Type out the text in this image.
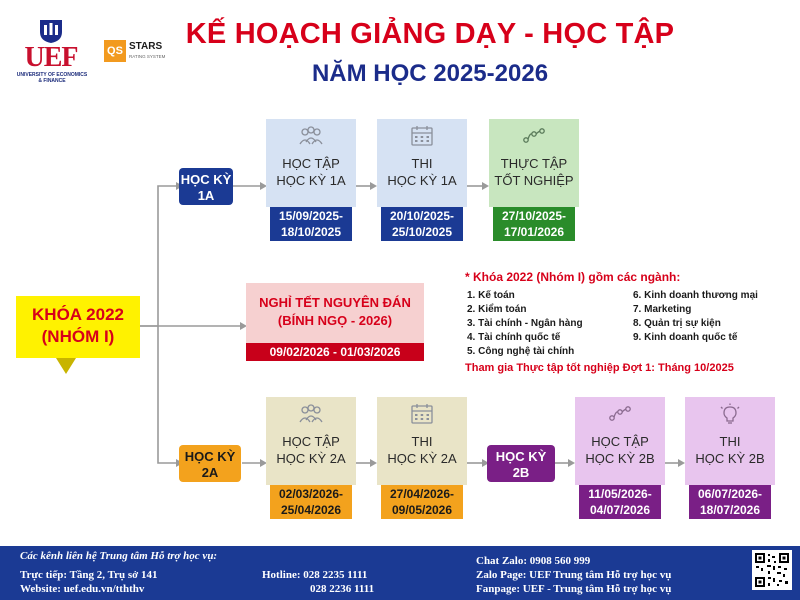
UEF
UNIVERSITY OF ECONOMICS & FINANCE
QS STARS
RATING SYSTEM
KẾ HOẠCH GIẢNG DẠY - HỌC TẬP
NĂM HỌC 2025-2026
KHÓA 2022
(NHÓM I)
HỌC KỲ
1A
HỌC KỲ
2A
HỌC KỲ
2B
HỌC TẬP
HỌC KỲ 1A
15/09/2025-
18/10/2025
THI
HỌC KỲ 1A
20/10/2025-
25/10/2025
THỰC TẬP
TỐT NGHIỆP
27/10/2025-
17/01/2026
NGHỈ TẾT NGUYÊN ĐÁN
(BÍNH NGỌ - 2026)
09/02/2026 - 01/03/2026
* Khóa 2022 (Nhóm I) gồm các ngành:
1. Kế toán
2. Kiểm toán
3. Tài chính - Ngân hàng
4. Tài chính quốc tế
5. Công nghệ tài chính
6. Kinh doanh thương mại
7. Marketing
8. Quản trị sự kiện
9. Kinh doanh quốc tế
Tham gia Thực tập tốt nghiệp Đợt 1: Tháng 10/2025
HỌC TẬP
HỌC KỲ 2A
02/03/2026-
25/04/2026
THI
HỌC KỲ 2A
27/04/2026-
09/05/2026
HỌC TẬP
HỌC KỲ 2B
11/05/2026-
04/07/2026
THI
HỌC KỲ 2B
06/07/2026-
18/07/2026
Các kênh liên hệ Trung tâm Hỗ trợ học vụ:
Trực tiếp: Tầng 2, Trụ sở 141
Website: uef.edu.vn/tththv
Hotline: 028 2235 1111
028 2236 1111
Chat Zalo: 0908 560 999
Zalo Page: UEF Trung tâm Hỗ trợ học vụ
Fanpage: UEF - Trung tâm Hỗ trợ học vụ
